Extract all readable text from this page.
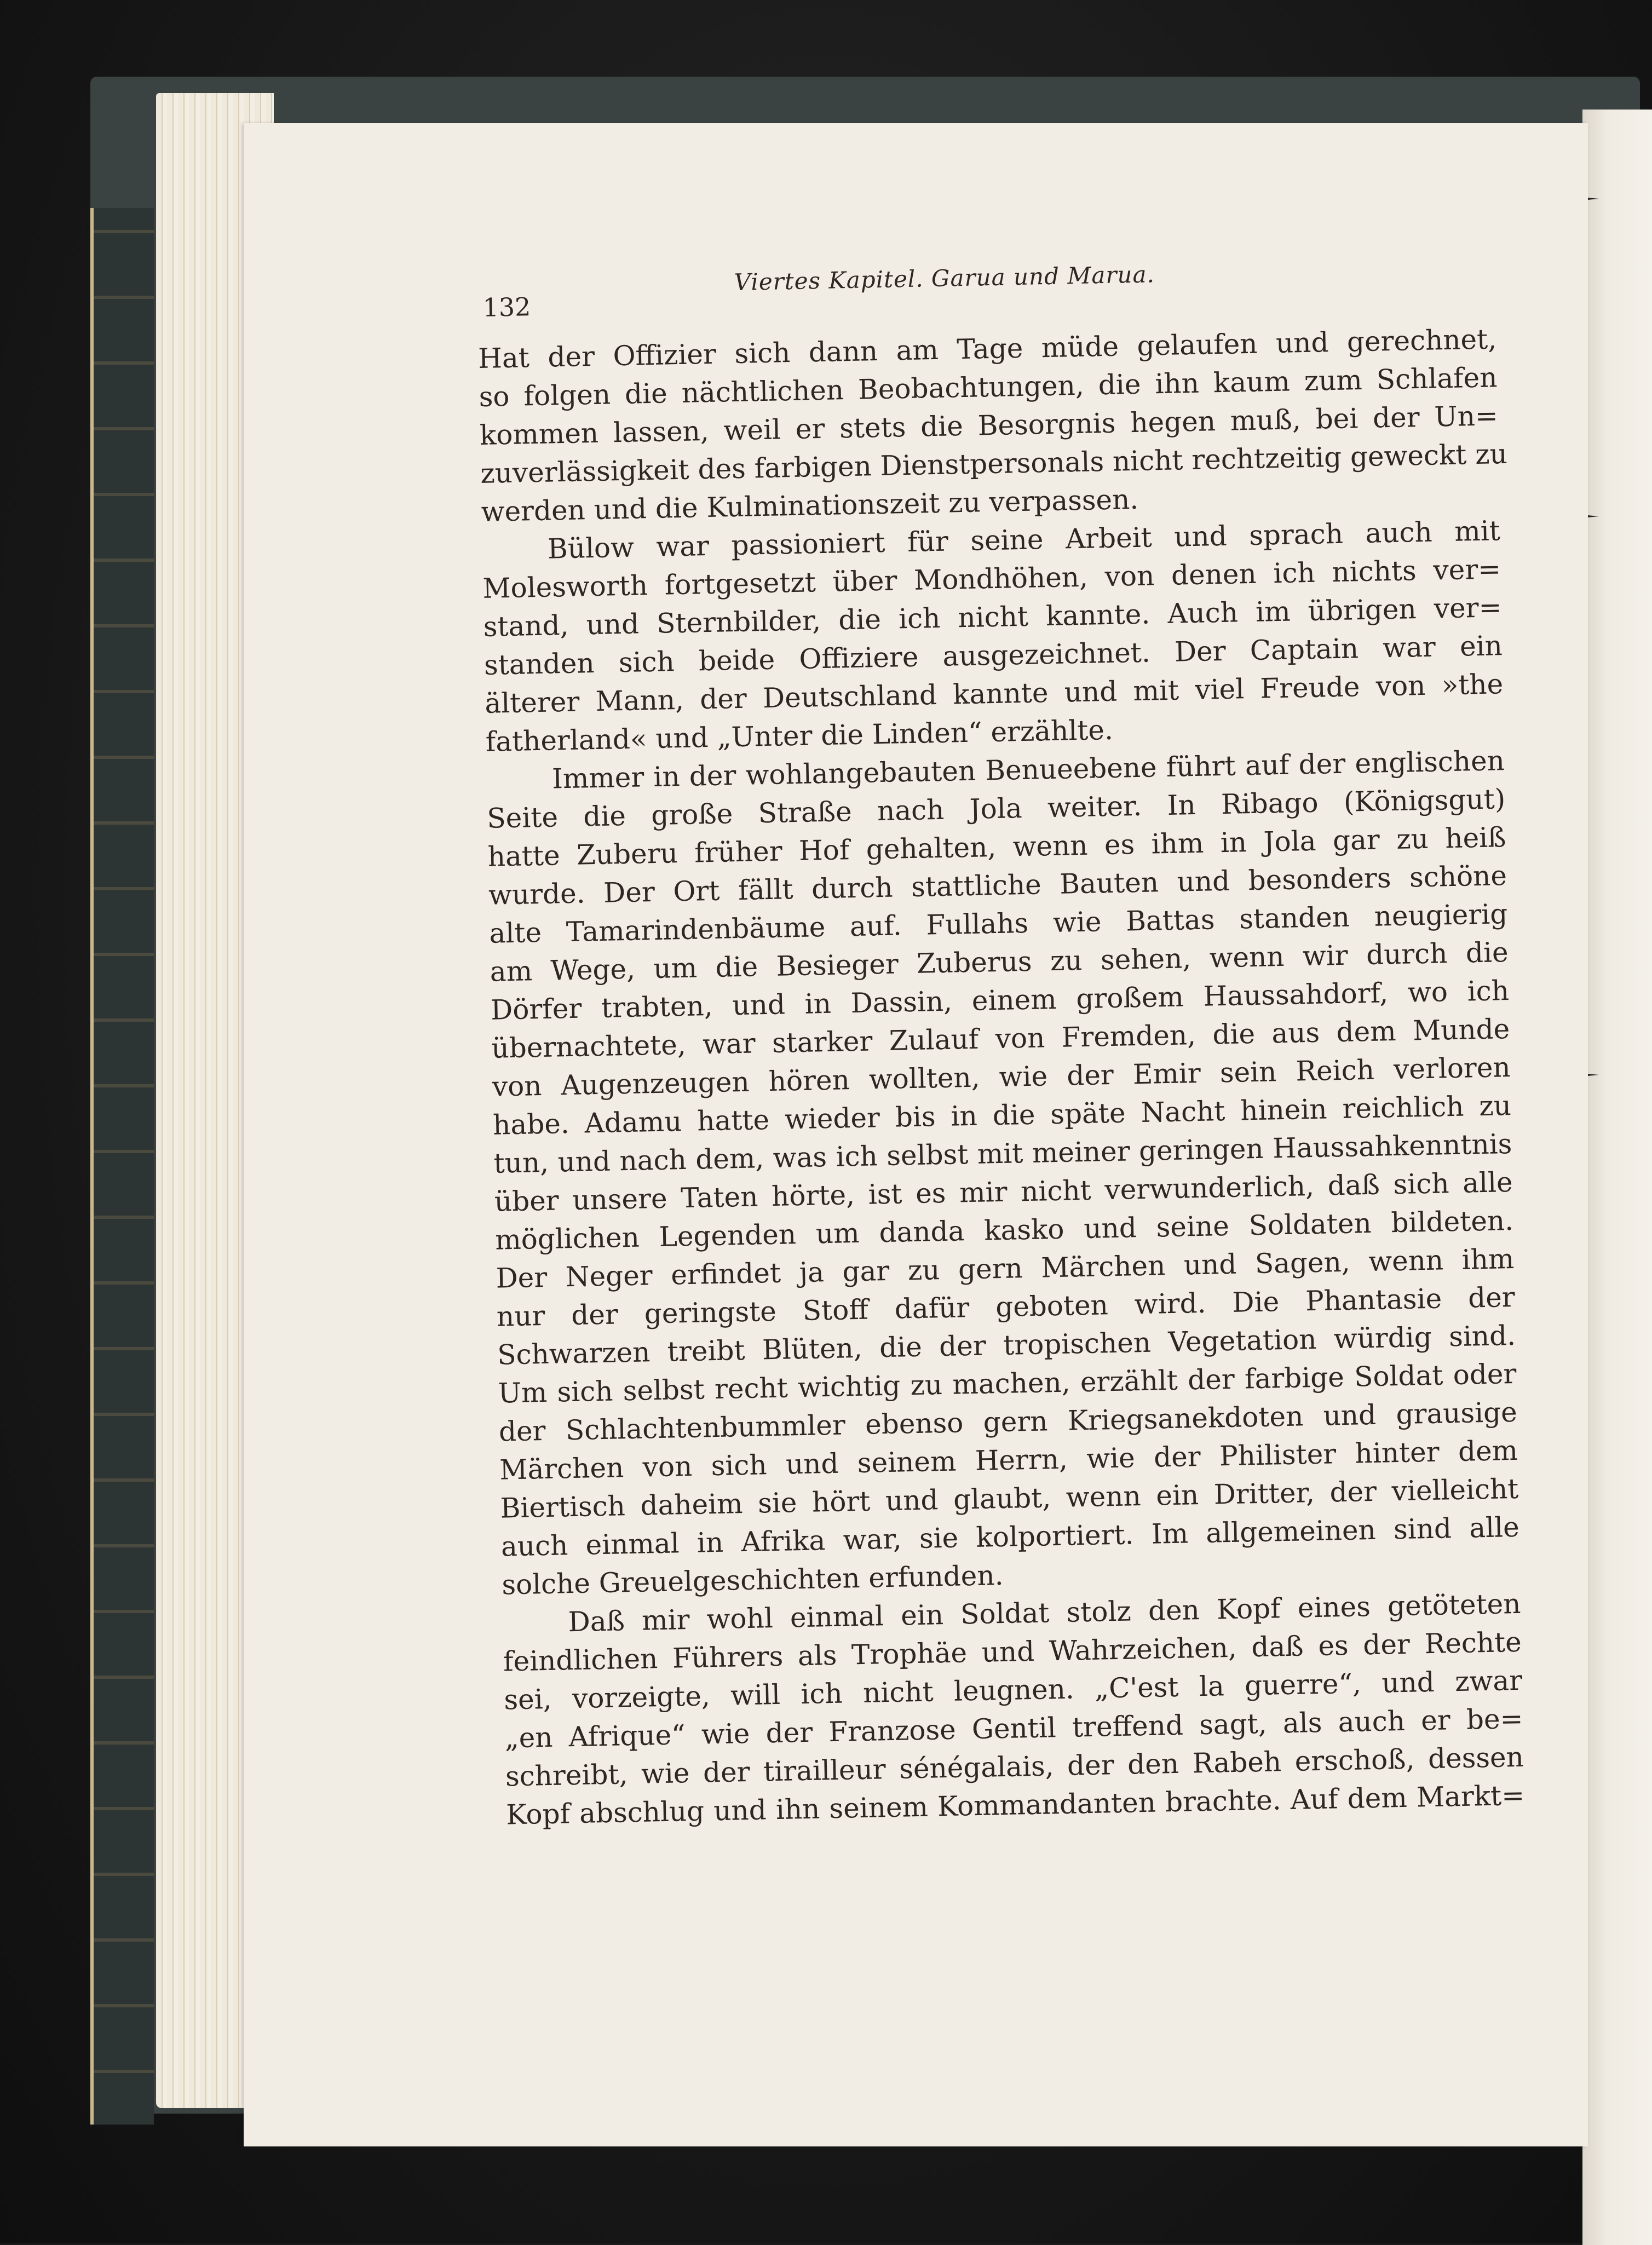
132
Viertes Kapitel. Garua und Marua.
Hat der Offizier sich dann am Tage müde gelaufen und gerechnet,
so folgen die nächtlichen Beobachtungen, die ihn kaum zum Schlafen
kommen lassen, weil er stets die Besorgnis hegen muß, bei der Un=
zuverlässigkeit des farbigen Dienstpersonals nicht rechtzeitig geweckt zu
werden und die Kulminationszeit zu verpassen.
Bülow war passioniert für seine Arbeit und sprach auch mit
Molesworth fortgesetzt über Mondhöhen, von denen ich nichts ver=
stand, und Sternbilder, die ich nicht kannte. Auch im übrigen ver=
standen sich beide Offiziere ausgezeichnet. Der Captain war ein
älterer Mann, der Deutschland kannte und mit viel Freude von »the
fatherland« und „Unter die Linden“ erzählte.
Immer in der wohlangebauten Benueebene führt auf der englischen
Seite die große Straße nach Jola weiter. In Ribago (Königsgut)
hatte Zuberu früher Hof gehalten, wenn es ihm in Jola gar zu heiß
wurde. Der Ort fällt durch stattliche Bauten und besonders schöne
alte Tamarindenbäume auf. Fullahs wie Battas standen neugierig
am Wege, um die Besieger Zuberus zu sehen, wenn wir durch die
Dörfer trabten, und in Dassin, einem großem Haussahdorf, wo ich
übernachtete, war starker Zulauf von Fremden, die aus dem Munde
von Augenzeugen hören wollten, wie der Emir sein Reich verloren
habe. Adamu hatte wieder bis in die späte Nacht hinein reichlich zu
tun, und nach dem, was ich selbst mit meiner geringen Haussahkenntnis
über unsere Taten hörte, ist es mir nicht verwunderlich, daß sich alle
möglichen Legenden um danda kasko und seine Soldaten bildeten.
Der Neger erfindet ja gar zu gern Märchen und Sagen, wenn ihm
nur der geringste Stoff dafür geboten wird. Die Phantasie der
Schwarzen treibt Blüten, die der tropischen Vegetation würdig sind.
Um sich selbst recht wichtig zu machen, erzählt der farbige Soldat oder
der Schlachtenbummler ebenso gern Kriegsanekdoten und grausige
Märchen von sich und seinem Herrn, wie der Philister hinter dem
Biertisch daheim sie hört und glaubt, wenn ein Dritter, der vielleicht
auch einmal in Afrika war, sie kolportiert. Im allgemeinen sind alle
solche Greuelgeschichten erfunden.
Daß mir wohl einmal ein Soldat stolz den Kopf eines getöteten
feindlichen Führers als Trophäe und Wahrzeichen, daß es der Rechte
sei, vorzeigte, will ich nicht leugnen. „C'est la guerre“, und zwar
„en Afrique“ wie der Franzose Gentil treffend sagt, als auch er be=
schreibt, wie der tirailleur sénégalais, der den Rabeh erschoß, dessen
Kopf abschlug und ihn seinem Kommandanten brachte. Auf dem Markt=
